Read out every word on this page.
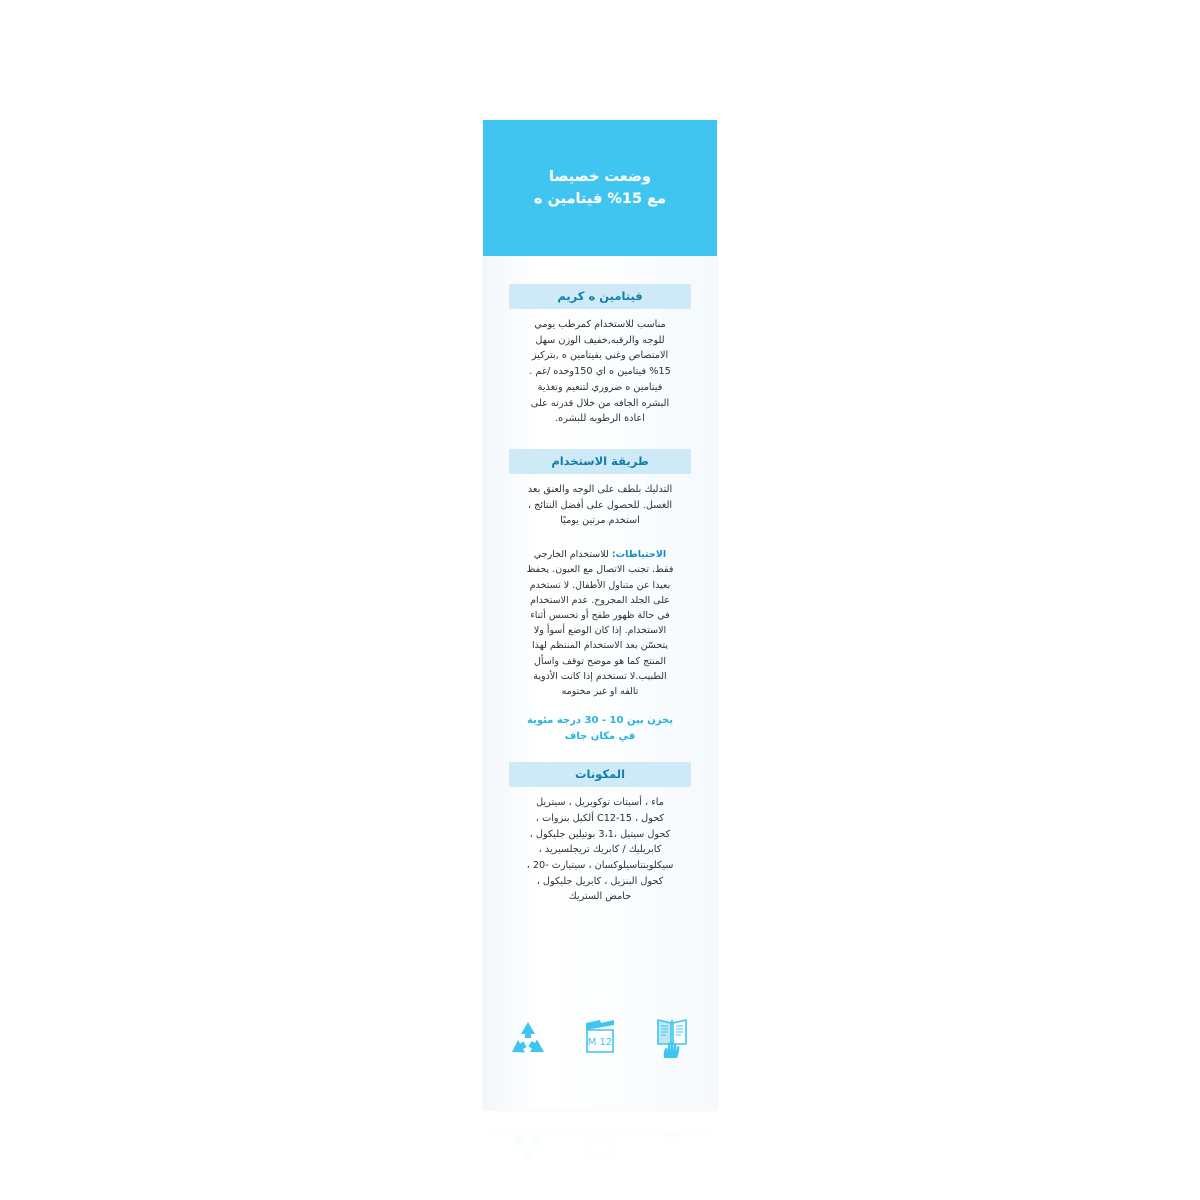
وضعت خصيصا
مع 15% فيتامين ه
فيتامين ه كريم
مناسب للاستخدام كمرطب يومي للوجه والرقبه,خفيف الوزن سهل الامتصاص وغني بفيتامين ه ,بتركيز 15% فيتامين ه اي 150وحده /غم . فيتامين ه ضروري لتنعيم وتغذية البشره الجافه من خلال قدرته على اعادة الرطوبه للبشره.
طريقة الاستخدام
التدليك بلطف على الوجه والعنق بعد الغسل. للحصول على أفضل النتائج ، استخدم مرتين يوميًا
الاحتياطات: للاستخدام الخارجي فقط. تجنب الاتصال مع العيون. يحفظ بعيدا عن متناول الأطفال. لا تستخدم على الجلد المجروح. عدم الاستخدام في حالة ظهور طفح أو تحسس أثناء الاستخدام. إذا كان الوضع أسوأ ولا يتحسّن بعد الاستخدام المنتظم لهذا المنتج كما هو موضح توقف واسأل الطبيب.لا تستخدم إذا كانت الأدوية تالفه او غير مختومه
يخزن بين 10 - 30 درجة مئوية في مكان جاف
المكونات
ماء ، أسيتات توكوبريل ، سيتريل كحول ، C12-15 ألكيل بنزوات ، كحول سيتيل ،3،1 بوتيلين جليكول ، كابريليك / كابريك تريجلسيريد ، سيكلوبنتاسيلوكسان ، سيتيارث -20 ، كحول البنزيل ، كابريل جليكول ، حامض الستريك
12 M
